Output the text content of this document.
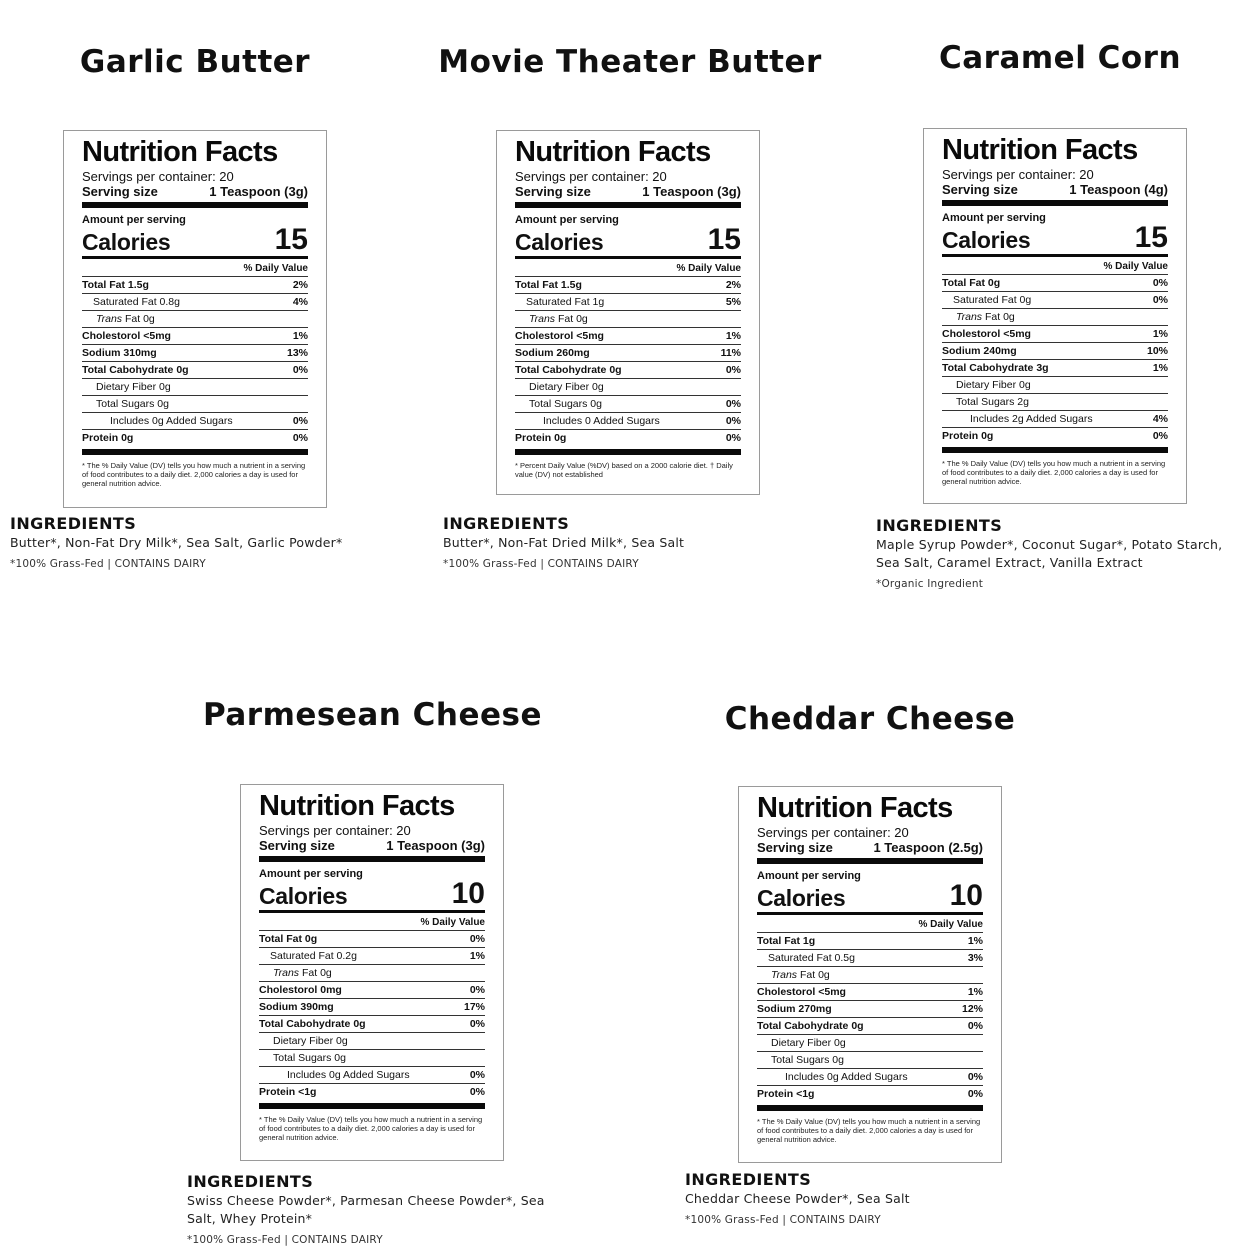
Garlic Butter
Nutrition Facts
Servings per container: 20
Serving size	1 Teaspoon (3g)
Amount per serving
Calories	15
% Daily Value
Total Fat 1.5g	2%
Saturated Fat 0.8g	4%
Trans Fat 0g
Cholestorol <5mg	1%
Sodium 310mg	13%
Total Cabohydrate 0g	0%
Dietary Fiber 0g
Total Sugars 0g
Includes 0g Added Sugars	0%
Protein 0g	0%
* The % Daily Value (DV) tells you how much a nutrient in a serving of food contributes to a daily diet. 2,000 calories a day is used for general nutrition advice.
INGREDIENTS
Butter*, Non-Fat Dry Milk*, Sea Salt, Garlic Powder*
*100% Grass-Fed | CONTAINS DAIRY
Movie Theater Butter
Nutrition Facts
Servings per container: 20
Serving size	1 Teaspoon (3g)
Amount per serving
Calories	15
% Daily Value
Total Fat 1.5g	2%
Saturated Fat 1g	5%
Trans Fat 0g
Cholestorol <5mg	1%
Sodium 260mg	11%
Total Cabohydrate 0g	0%
Dietary Fiber 0g
Total Sugars 0g	0%
Includes 0 Added Sugars	0%
Protein 0g	0%
* Percent Daily Value (%DV) based on a 2000 calorie diet. † Daily value (DV) not established
INGREDIENTS
Butter*, Non-Fat Dried Milk*, Sea Salt
*100% Grass-Fed | CONTAINS DAIRY
Caramel Corn
Nutrition Facts
Servings per container: 20
Serving size	1 Teaspoon (4g)
Amount per serving
Calories	15
% Daily Value
Total Fat 0g	0%
Saturated Fat 0g	0%
Trans Fat 0g
Cholestorol <5mg	1%
Sodium 240mg	10%
Total Cabohydrate 3g	1%
Dietary Fiber 0g
Total Sugars 2g
Includes 2g Added Sugars	4%
Protein 0g	0%
* The % Daily Value (DV) tells you how much a nutrient in a serving of food contributes to a daily diet. 2,000 calories a day is used for general nutrition advice.
INGREDIENTS
Maple Syrup Powder*, Coconut Sugar*, Potato Starch, Sea Salt, Caramel Extract, Vanilla Extract
*Organic Ingredient
Parmesean Cheese
Nutrition Facts
Servings per container: 20
Serving size	1 Teaspoon (3g)
Amount per serving
Calories	10
% Daily Value
Total Fat 0g	0%
Saturated Fat 0.2g	1%
Trans Fat 0g
Cholestorol 0mg	0%
Sodium 390mg	17%
Total Cabohydrate 0g	0%
Dietary Fiber 0g
Total Sugars 0g
Includes 0g Added Sugars	0%
Protein <1g	0%
* The % Daily Value (DV) tells you how much a nutrient in a serving of food contributes to a daily diet. 2,000 calories a day is used for general nutrition advice.
INGREDIENTS
Swiss Cheese Powder*, Parmesan Cheese Powder*, Sea Salt, Whey Protein*
*100% Grass-Fed | CONTAINS DAIRY
Cheddar Cheese
Nutrition Facts
Servings per container: 20
Serving size	1 Teaspoon (2.5g)
Amount per serving
Calories	10
% Daily Value
Total Fat 1g	1%
Saturated Fat 0.5g	3%
Trans Fat 0g
Cholestorol <5mg	1%
Sodium 270mg	12%
Total Cabohydrate 0g	0%
Dietary Fiber 0g
Total Sugars 0g
Includes 0g Added Sugars	0%
Protein <1g	0%
* The % Daily Value (DV) tells you how much a nutrient in a serving of food contributes to a daily diet. 2,000 calories a day is used for general nutrition advice.
INGREDIENTS
Cheddar Cheese Powder*, Sea Salt
*100% Grass-Fed | CONTAINS DAIRY
